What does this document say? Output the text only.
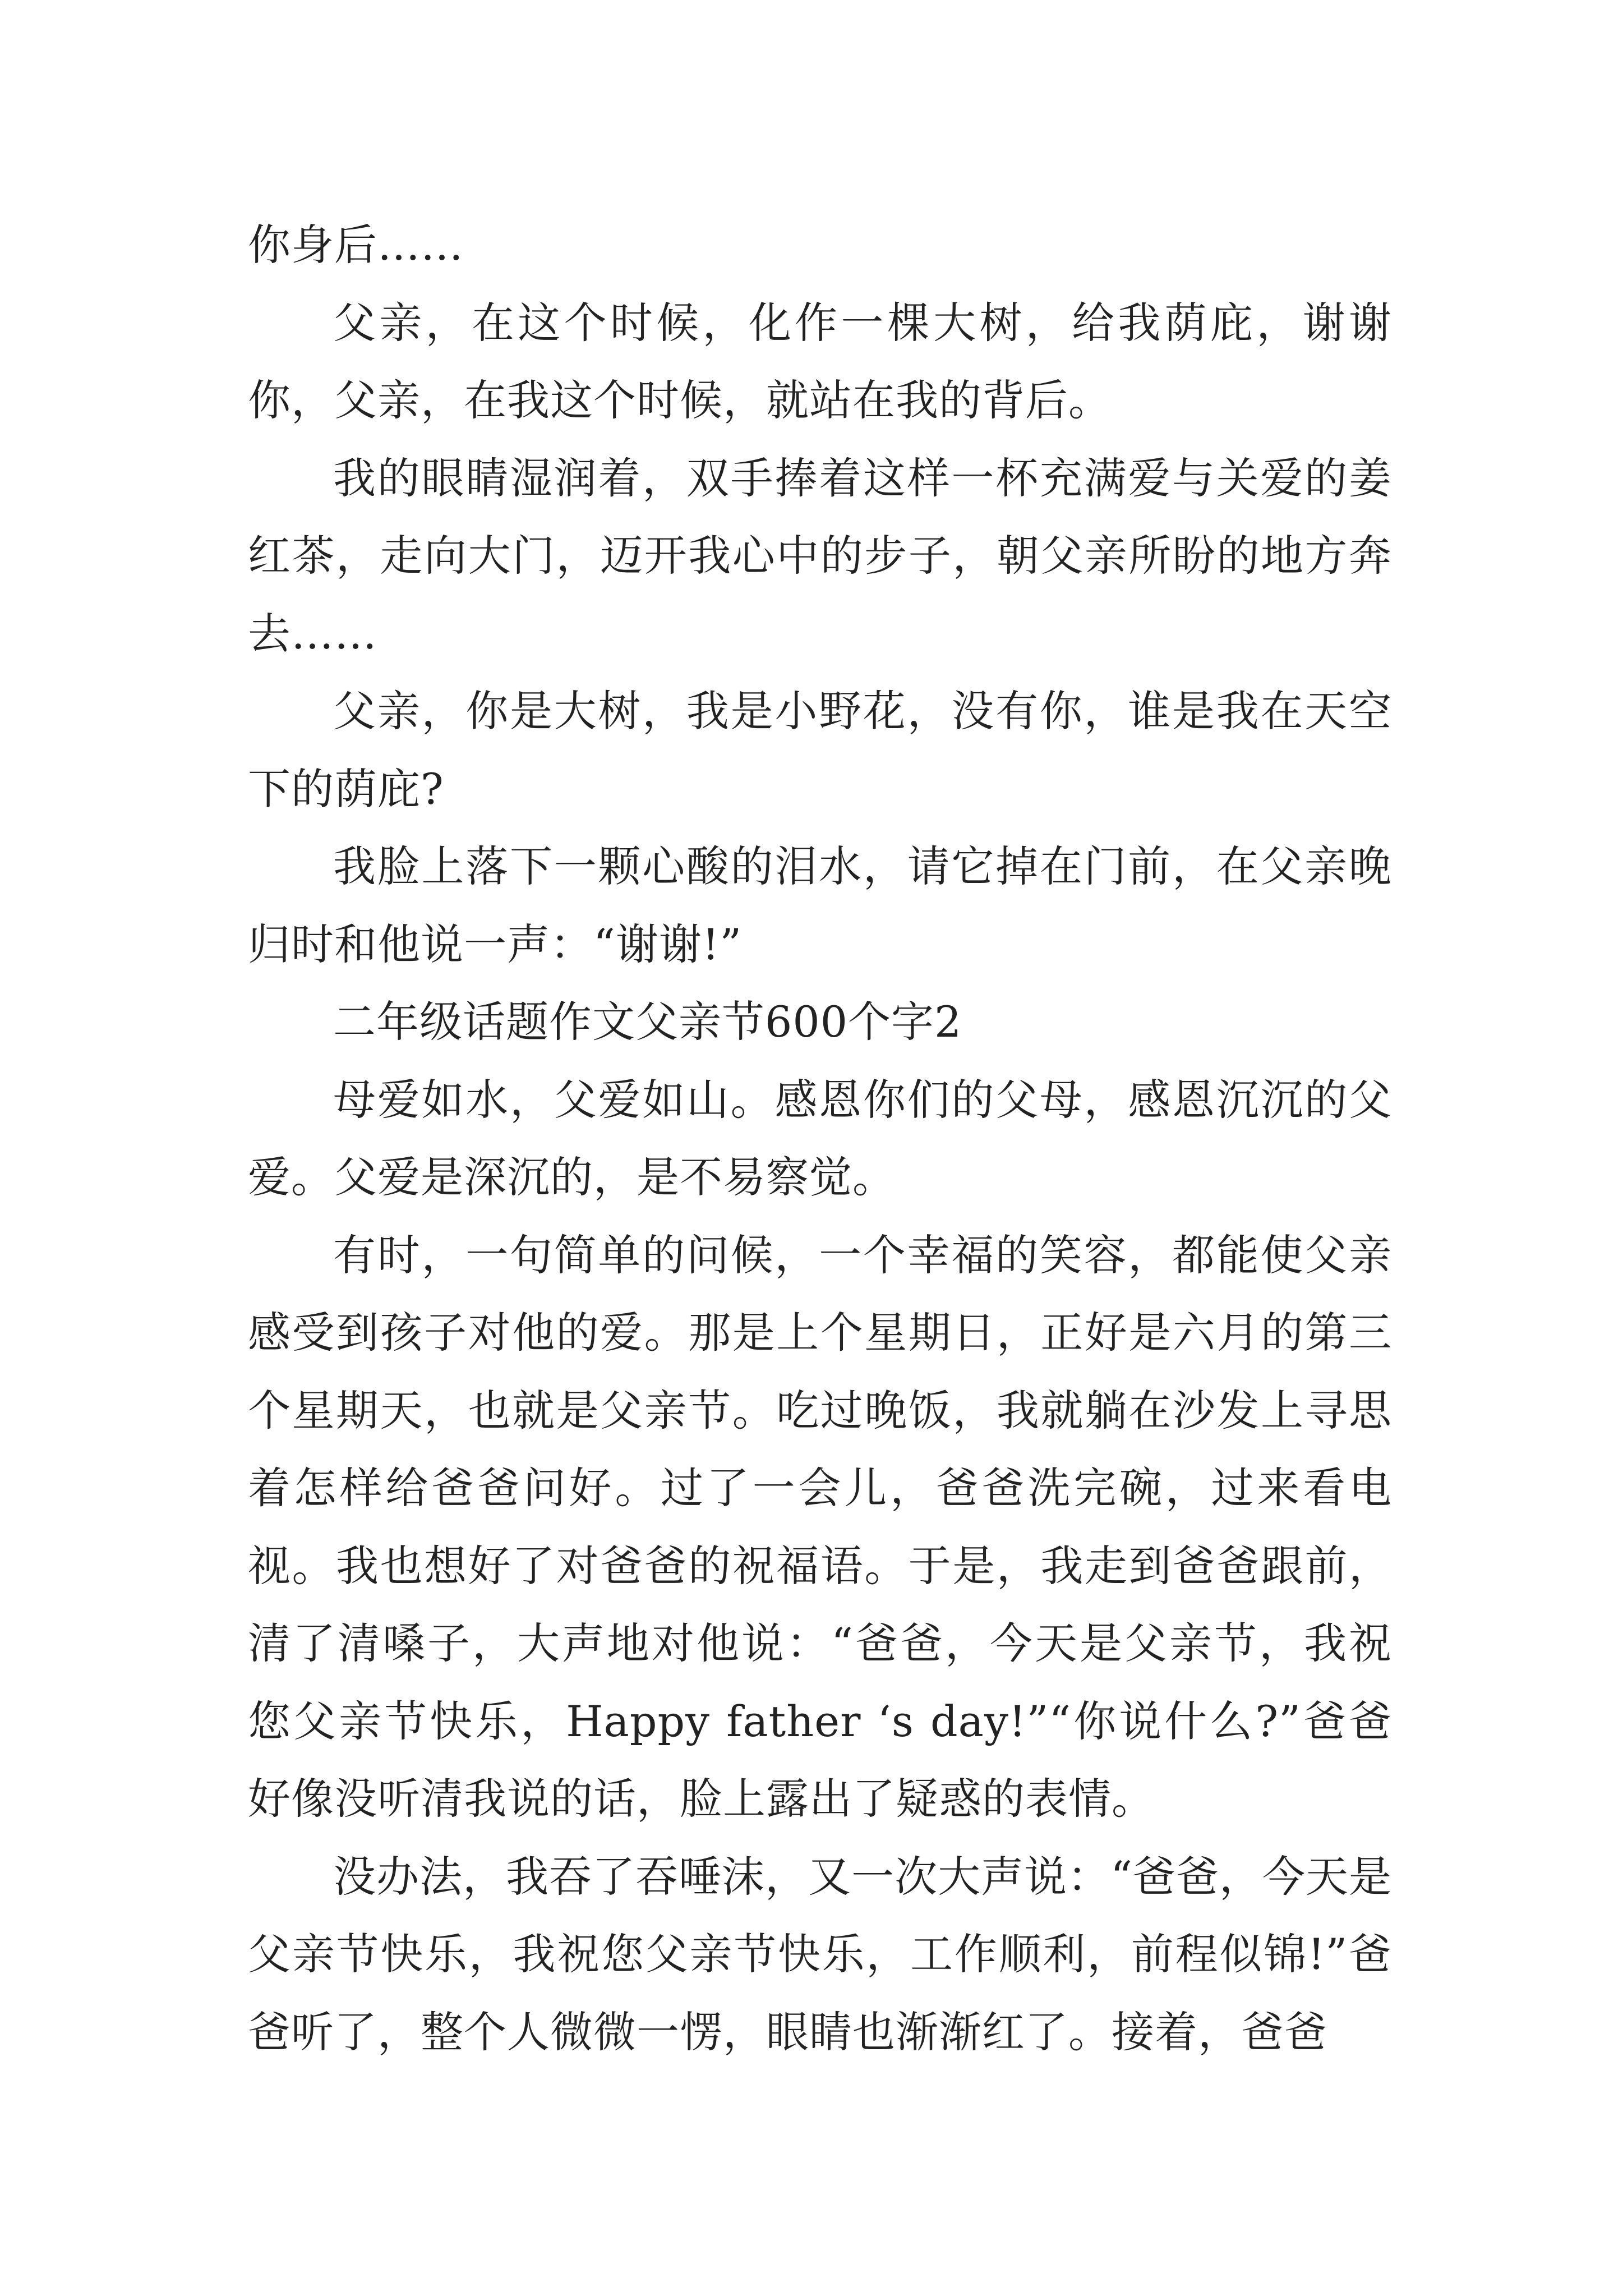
你身后……

父亲，在这个时候，化作一棵大树，给我荫庇，谢谢你，父亲，在我这个时候，就站在我的背后。

我的眼睛湿润着，双手捧着这样一杯充满爱与关爱的姜红茶，走向大门，迈开我心中的步子，朝父亲所盼的地方奔去……

父亲，你是大树，我是小野花，没有你，谁是我在天空下的荫庇?

我脸上落下一颗心酸的泪水，请它掉在门前，在父亲晚归时和他说一声：“谢谢!”

二年级话题作文父亲节600个字2

母爱如水，父爱如山。感恩你们的父母，感恩沉沉的父爱。父爱是深沉的，是不易察觉。

有时，一句简单的问候，一个幸福的笑容，都能使父亲感受到孩子对他的爱。那是上个星期日，正好是六月的第三个星期天，也就是父亲节。吃过晚饭，我就躺在沙发上寻思着怎样给爸爸问好。过了一会儿，爸爸洗完碗，过来看电视。我也想好了对爸爸的祝福语。于是，我走到爸爸跟前，清了清嗓子，大声地对他说：“爸爸，今天是父亲节，我祝您父亲节快乐，Happy father ‘s day!”“你说什么?”爸爸好像没听清我说的话，脸上露出了疑惑的表情。

没办法，我吞了吞唾沫，又一次大声说：“爸爸，今天是父亲节快乐，我祝您父亲节快乐，工作顺利，前程似锦!”爸爸听了，整个人微微一愣，眼睛也渐渐红了。接着，爸爸
